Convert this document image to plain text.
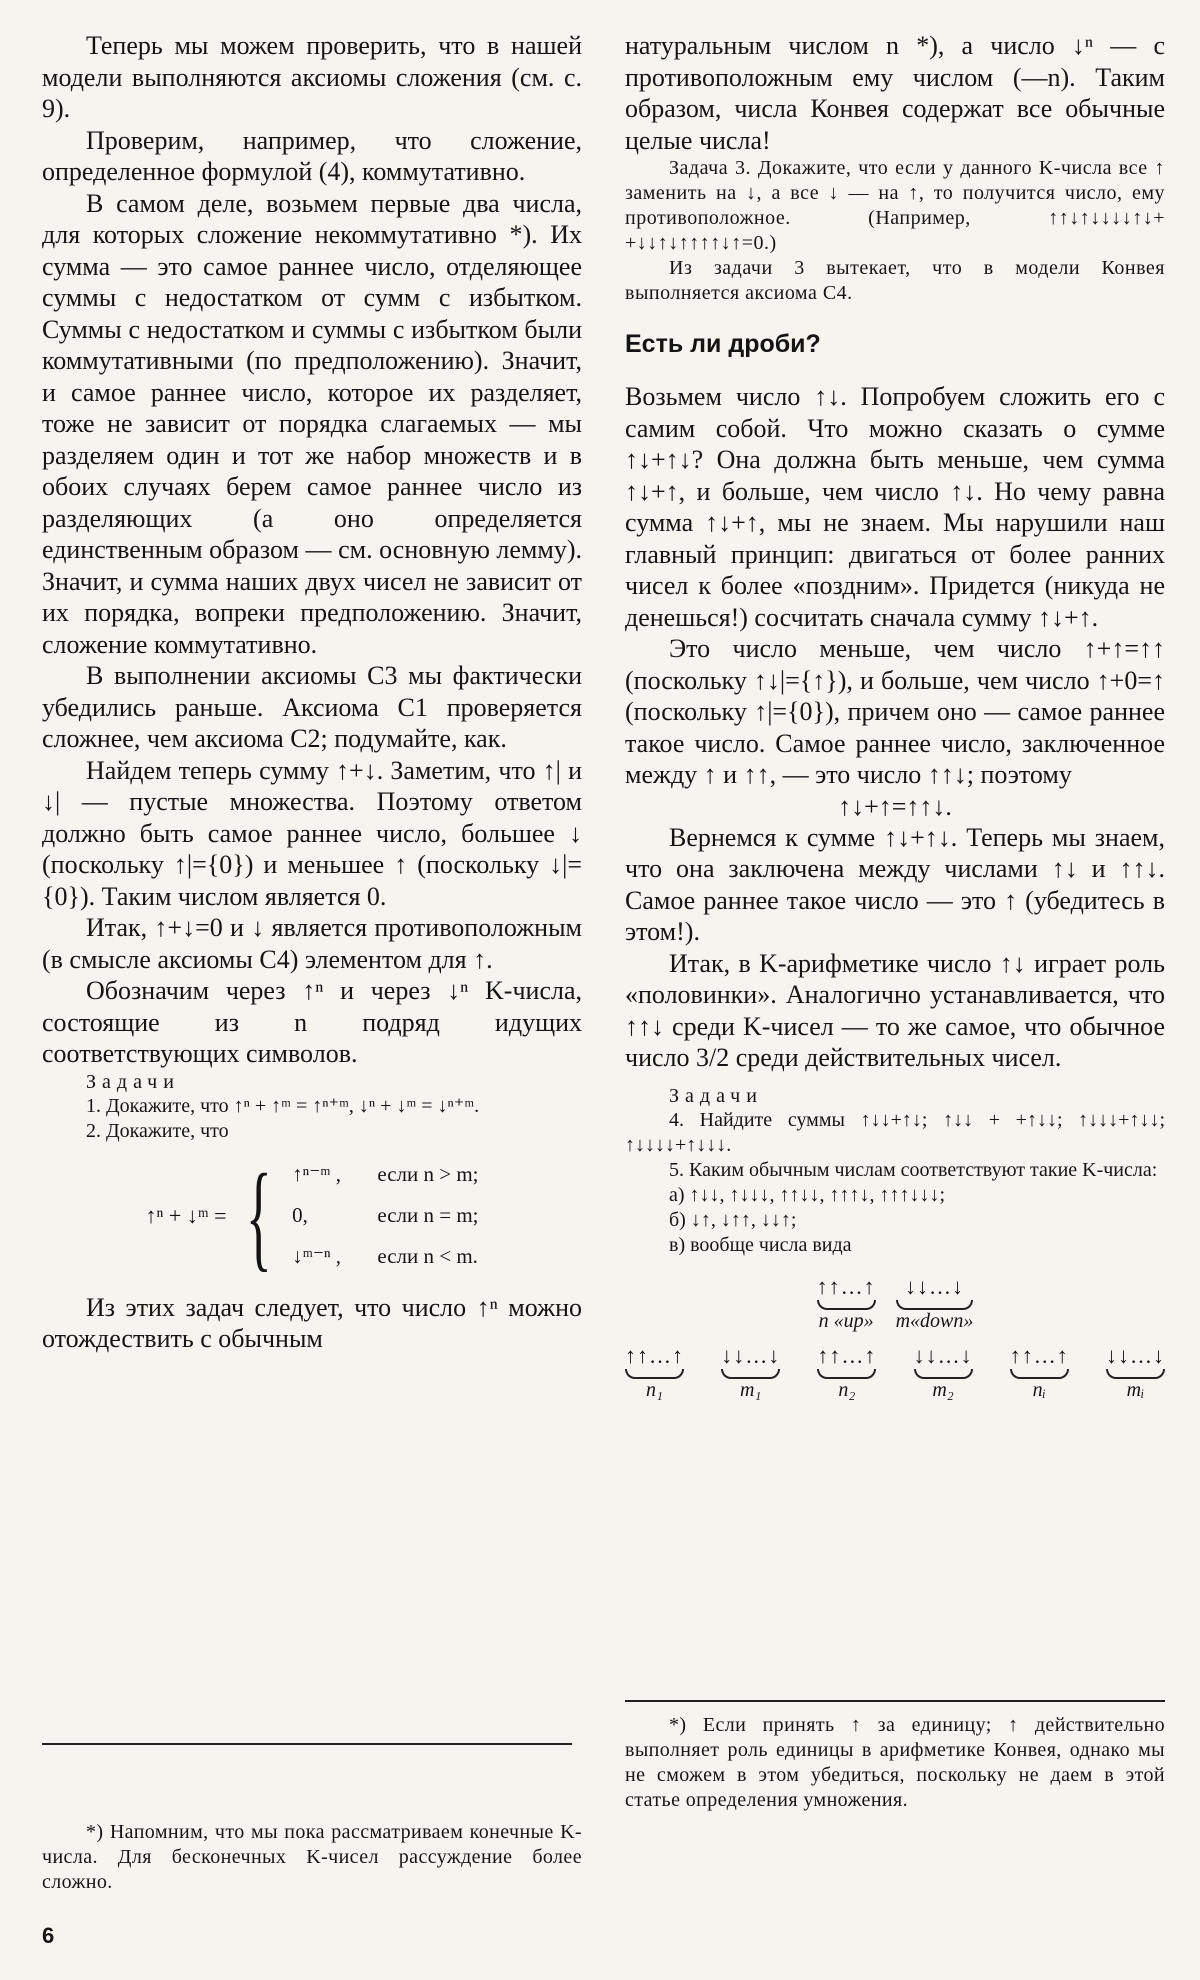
Теперь мы можем проверить, что в нашей модели выполняются аксиомы сложения (см. с. 9).

Проверим, например, что сложение, определенное формулой (4), коммутативно.

В самом деле, возьмем первые два числа, для которых сложение некоммутативно *). Их сумма — это самое раннее число, отделяющее суммы с недостатком от сумм с избытком. Суммы с недостатком и суммы с избытком были коммутативными (по предположению). Значит, и самое раннее число, которое их разделяет, тоже не зависит от порядка слагаемых — мы разделяем один и тот же набор множеств и в обоих случаях берем самое раннее число из разделяющих (а оно определяется единственным образом — см. основную лемму). Значит, и сумма наших двух чисел не зависит от их порядка, вопреки предположению. Значит, сложение коммутативно.

В выполнении аксиомы С3 мы фактически убедились раньше. Аксиома С1 проверяется сложнее, чем аксиома С2; подумайте, как.

Найдем теперь сумму ↑+↓. Заметим, что ↑| и ↓| — пустые множества. Поэтому ответом должно быть самое раннее число, большее ↓ (поскольку ↑|={0}) и меньшее ↑ (поскольку ↓|={0}). Таким числом является 0.

Итак, ↑+↓=0 и ↓ является противоположным (в смысле аксиомы С4) элементом для ↑.

Обозначим через ↑ⁿ и через ↓ⁿ K-числа, состоящие из n подряд идущих соответствующих символов.

Задачи

1. Докажите, что ↑ⁿ + ↑ᵐ = ↑ⁿ⁺ᵐ, ↓ⁿ + ↓ᵐ = ↓ⁿ⁺ᵐ.

2. Докажите, что

↑ⁿ + ↓ᵐ = { ↑ⁿ⁻ᵐ , если n > m;
0,	если n = m;
↓ᵐ⁻ⁿ , если n < m.

Из этих задач следует, что число ↑ⁿ можно отождествить с обычным

*) Напомним, что мы пока рассматриваем конечные K-числа. Для бесконечных K-чисел рассуждение более сложно.

натуральным числом n *), а число ↓ⁿ — с противоположным ему числом (—n). Таким образом, числа Конвея содержат все обычные целые числа!

Задача 3. Докажите, что если у данного K-числа все ↑ заменить на ↓, а все ↓ — на ↑, то получится число, ему противоположное. (Например, ↑↑↓↑↓↓↓↓↑↓+ +↓↓↑↓↑↑↑↑↓↑=0.)

Из задачи 3 вытекает, что в модели Конвея выполняется аксиома С4.

Есть ли дроби?

Возьмем число ↑↓. Попробуем сложить его с самим собой. Что можно сказать о сумме ↑↓+↑↓? Она должна быть меньше, чем сумма ↑↓+↑, и больше, чем число ↑↓. Но чему равна сумма ↑↓+↑, мы не знаем. Мы нарушили наш главный принцип: двигаться от более ранних чисел к более «поздним». Придется (никуда не денешься!) сосчитать сначала сумму ↑↓+↑.

Это число меньше, чем число ↑+↑=↑↑ (поскольку ↑↓|={↑}), и больше, чем число ↑+0=↑ (поскольку ↑|={0}), причем оно — самое раннее такое число. Самое раннее число, заключенное между ↑ и ↑↑, — это число ↑↑↓; поэтому

↑↓+↑=↑↑↓.

Вернемся к сумме ↑↓+↑↓. Теперь мы знаем, что она заключена между числами ↑↓ и ↑↑↓. Самое раннее такое число — это ↑ (убедитесь в этом!).

Итак, в K-арифметике число ↑↓ играет роль «половинки». Аналогично устанавливается, что ↑↑↓ среди K-чисел — то же самое, что обычное число 3/2 среди действительных чисел.

Задачи

4. Найдите суммы ↑↓↓+↑↓; ↑↓↓ + +↑↓↓; ↑↓↓↓+↑↓↓; ↑↓↓↓↓+↑↓↓↓.

5. Каким обычным числам соответствуют такие K-числа:

а) ↑↓↓, ↑↓↓↓, ↑↑↓↓, ↑↑↑↓, ↑↑↑↓↓↓;

б) ↓↑, ↓↑↑, ↓↓↑;

в) вообще числа вида

↑↑…↑
n «up»
↓↓…↓
m«down»
↑↑…↑
n₁
↓↓…↓
m₁
↑↑…↑
n₂
↓↓…↓
m₂
↑↑…↑
nᵢ
↓↓…↓
mᵢ

*) Если принять ↑ за единицу; ↑ действительно выполняет роль единицы в арифметике Конвея, однако мы не сможем в этом убедиться, поскольку не даем в этой статье определения умножения.

6
